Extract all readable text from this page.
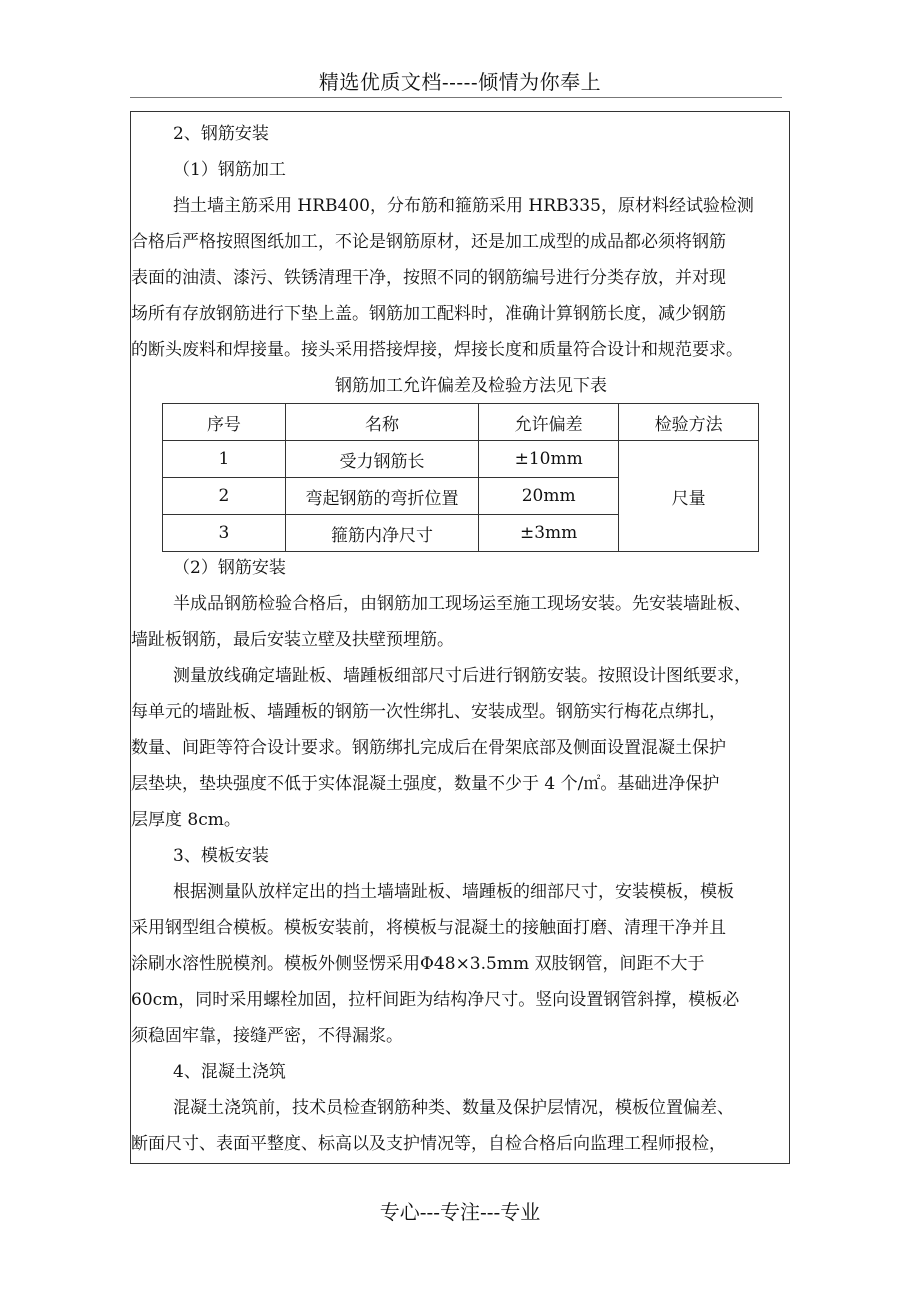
精选优质文档-----倾情为你奉上

2、钢筋安装

（1）钢筋加工

挡土墙主筋采用 HRB400，分布筋和箍筋采用 HRB335，原材料经试验检测

合格后严格按照图纸加工，不论是钢筋原材，还是加工成型的成品都必须将钢筋

表面的油渍、漆污、铁锈清理干净，按照不同的钢筋编号进行分类存放，并对现

场所有存放钢筋进行下垫上盖。钢筋加工配料时，准确计算钢筋长度，减少钢筋

的断头废料和焊接量。接头采用搭接焊接，焊接长度和质量符合设计和规范要求。

钢筋加工允许偏差及检验方法见下表

序号	名称	允许偏差	检验方法
1	受力钢筋长	±10mm	尺量
2	弯起钢筋的弯折位置	20mm	
3	箍筋内净尺寸	±3mm	

（2）钢筋安装

半成品钢筋检验合格后，由钢筋加工现场运至施工现场安装。先安装墙趾板、

墙趾板钢筋，最后安装立壁及扶壁预埋筋。

测量放线确定墙趾板、墙踵板细部尺寸后进行钢筋安装。按照设计图纸要求，

每单元的墙趾板、墙踵板的钢筋一次性绑扎、安装成型。钢筋实行梅花点绑扎，

数量、间距等符合设计要求。钢筋绑扎完成后在骨架底部及侧面设置混凝土保护

层垫块，垫块强度不低于实体混凝土强度，数量不少于 4 个/㎡。基础进净保护

层厚度 8cm。

3、模板安装

根据测量队放样定出的挡土墙墙趾板、墙踵板的细部尺寸，安装模板，模板

采用钢型组合模板。模板安装前，将模板与混凝土的接触面打磨、清理干净并且

涂刷水溶性脱模剂。模板外侧竖愣采用Φ48×3.5mm 双肢钢管，间距不大于

60cm，同时采用螺栓加固，拉杆间距为结构净尺寸。竖向设置钢管斜撑，模板必

须稳固牢靠，接缝严密，不得漏浆。

4、混凝土浇筑

混凝土浇筑前，技术员检查钢筋种类、数量及保护层情况，模板位置偏差、

断面尺寸、表面平整度、标高以及支护情况等，自检合格后向监理工程师报检，

专心---专注---专业
